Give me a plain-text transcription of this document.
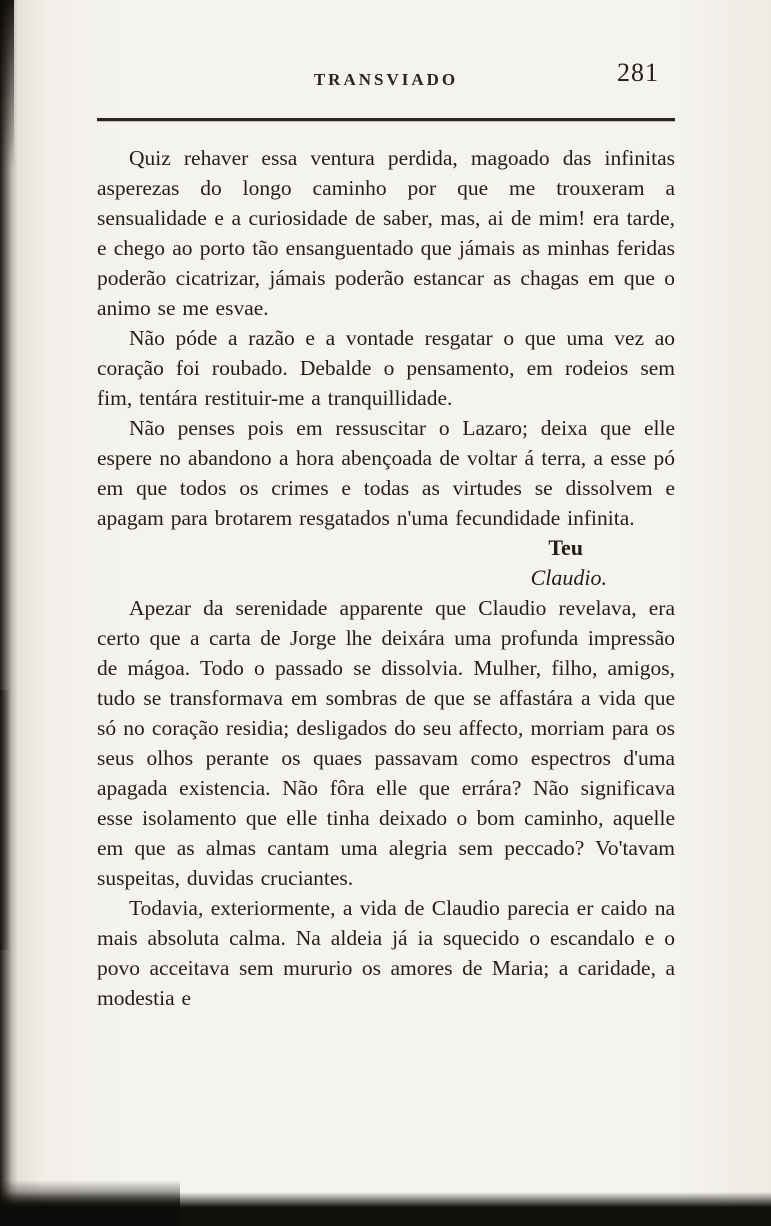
TRANSVIADO	281

Quiz rehaver essa ventura perdida, magoado das infinitas asperezas do longo caminho por que me trouxeram a sensualidade e a curiosidade de saber, mas, ai de mim! era tarde, e chego ao porto tão ensanguentado que jámais as minhas feridas poderão cicatrizar, jámais poderão estancar as chagas em que o animo se me esvae.

Não póde a razão e a vontade resgatar o que uma vez ao coração foi roubado. Debalde o pensamento, em rodeios sem fim, tentára restituir-me a tranquillidade.

Não penses pois em ressuscitar o Lazaro; deixa que elle espere no abandono a hora abençoada de voltar á terra, a esse pó em que todos os crimes e todas as virtudes se dissolvem e apagam para brotarem resgatados n'uma fecundidade infinita.

Teu

Claudio.

Apezar da serenidade apparente que Claudio revelava, era certo que a carta de Jorge lhe deixára uma profunda impressão de mágoa. Todo o passado se dissolvia. Mulher, filho, amigos, tudo se transformava em sombras de que se affastára a vida que só no coração residia; desligados do seu affecto, morriam para os seus olhos perante os quaes passavam como espectros d'uma apagada existencia. Não fôra elle que errára? Não significava esse isolamento que elle tinha deixado o bom caminho, aquelle em que as almas cantam uma alegria sem peccado? Vo'tavam suspeitas, duvidas cruciantes.

Todavia, exteriormente, a vida de Claudio parecia er caido na mais absoluta calma. Na aldeia já ia squecido o escandalo e o povo acceitava sem mururio os amores de Maria; a caridade, a modestia e
